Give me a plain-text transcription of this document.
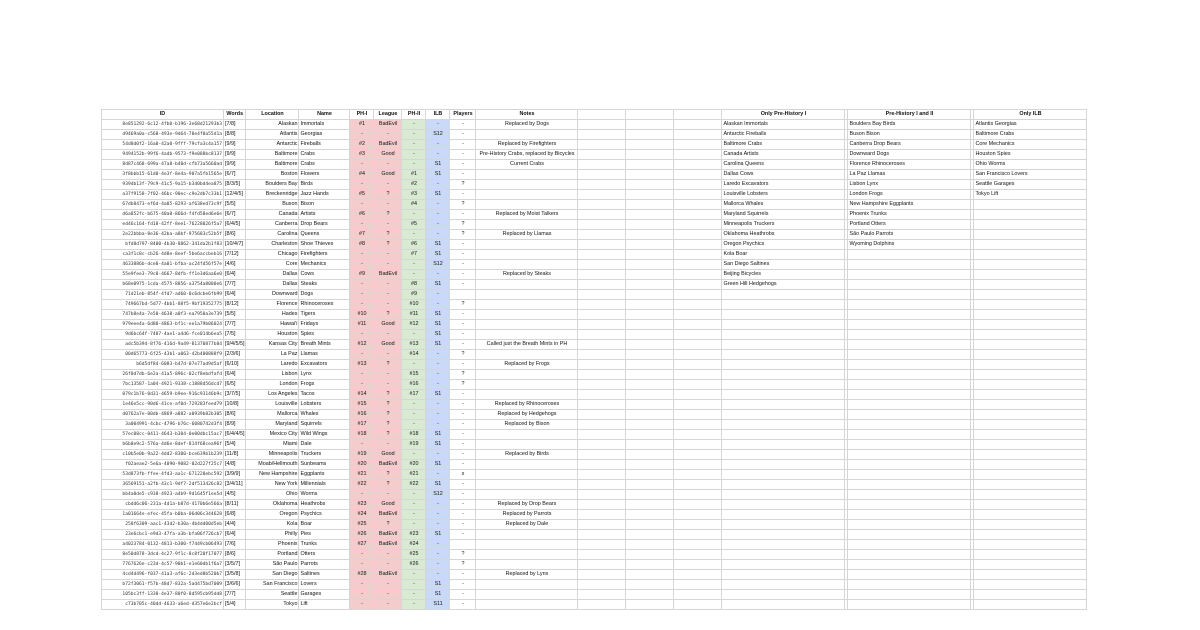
ID	Words	Location	Name	PH-I	League	PH-II	ILB	Players	Notes				Only Pre-History I		Pre-History I and II		Only ILB
8e851292-6c12-4fb0-b196-3e68d21293b3	[7/8]	Alaskan	Immortals	#1	BadEvil	-	-	-	Replaced by Dogs				Alaskan Immortals		Boulders Bay Birds		Atlantis Georgias
d9469a0a-c568-493e-9d64-78e4f0a55d1a	[8/8]	Atlantis	Georgias	-	-	-	S12	-					Antarctic Fireballs		Buson Bison		Baltimore Crabs
54d8d0f2-16a0-42a0-9fff-79cfa3c4a157	[9/9]	Antarctic	Fireballs	#2	BadEvil	-	-	-	Replaced by Firefighters				Baltimore Crabs		Canberra Drop Bears		Core Mechanics
9494152b-99f6-4adb-9573-f9e088bc8137	[9/9]	Baltimore	Crabs	#3	Good	-	-	-	Pre-History Crabs, replaced by Bicycles				Canada Artists		Downward Dogs		Houston Spies
8d87c468-699a-47a8-b40d-cfb73a5660ad	[9/9]	Baltimore	Crabs	-	-	-	S1	-	Current Crabs				Carolina Queens		Florence Rhinoceroses		Ohio Worms
3f8bbb15-61d0-4e3f-8e4a-907a5fb1565e	[6/7]	Boston	Flowers	#4	Good	#1	S1	-					Dallas Cows		La Paz Llamas		San Francisco Lovers
939db13f-79c9-41c5-9a15-b340bd4ea875	[8/3/5]	Boulders Bay	Birds	-	-	#2	-	?					Laredo Excavators		Lisbon Lynx		Seattle Garages
a37f9158-7f02-46bc-90ec-c9e2db7c33b1	[12/4/5]	Breckenridge	Jazz Hands	#5	?	#3	S1	-					Louisville Lobsters		London Frogs		Tokyo Lift
67db8473-ef6d-4a05-8293-af638ed73c9f	[5/5]	Buson	Bison	-	-	#4	-	?					Mallorca Whales		New Hampshire Eggplants		
d6a852fc-b675-40a0-866d-f4fd58ed6e6e	[6/7]	Canada	Artists	#6	?	-	-	-	Replaced by Moist Talkers				Maryland Squirrels		Phoenix Trunks		
ed46c164-fd18-42ff-8ee1-76228026f5a7	[6/4/5]	Canberra	Drop Bears	-	-	#5	-	?					Minneapolis Truckers		Portland Otters		
2e22bbba-8e36-42ba-a8bf-975683c52b5f	[8/6]	Carolina	Queens	#7	?	-	-	?	Replaced by Llamas				Oklahoma Heathrobs		São Paulo Parrots		
bfd8d797-8400-4b30-8862-341da2b1f83	[10/4/7]	Charleston	Shoe Thieves	#8	?	#6	S1	-					Oregon Psychics		Wyoming Dolphins		
ca3f1c8c-cb26-4d8e-8eef-5be6accbeb16	[7/12]	Chicago	Firefighters	-	-	#7	S1	-					Kola Boar				
4633886b-dce0-4a01-bfba-ac24fd56f57e	[4/6]	Core	Mechanics	-	-	-	S12	-					San Diego Saltines				
55e9fee3-79c0-4667-8dfb-ff1e3d6aa6e0	[6/4]	Dallas	Cows	#9	BadEvil	-	-	-	Replaced by Steaks				Beijing Bicycles				
b68e0975-1cda-4575-8856-a3754a8000e6	[7/7]	Dallas	Steaks	-	-	#8	S1	-					Green Hill Hedgehogs				
71d21eb-854f-4fd7-ad60-0c6dcbe6fb99	[6/4]	Downward	Dogs	-	-	#9	-										
749667bd-5d77-4bb1-88f5-9bf19352775	[8/12]	Florence	Rhinoceroses	-	-	#10	-	?									
747b8e4a-7e50-4638-a0f3-ea7950a3e739	[5/5]	Hades	Tigers	#10	?	#11	S1	-									
979eee4a-6d80-4863-bf1c-ee1a79b06024	[7/7]	Hawai'i	Fridays	#11	Good	#12	S1	-									
9d6bc64f-7407-4ae1-a4d6-fce014b6ea5	[7/5]	Houston	Spies	-	-	-	S1	-									
adc5b394-8f76-416d-9a49-81370877b84	[9/4/5/5]	Kansas City	Breath Mints	#12	Good	#13	S1	-	Called just the Breath Mints in PH								
00d65773-6f25-43b1-a063-42b400888f9	[2/3/6]	La Paz	Llamas	-	-	#14	-	?									
b6d5df84-6083-b47d-07e77ad9d5af	[6/10]	Laredo	Excavators	#13	?	-	-	-	Replaced by Frogs								
26f0d7db-6e2a-41a5-896c-02cf8ebdfafd	[6/4]	Lisbon	Lynx	-	-	#15	-	?									
7bc13587-1a04-4921-9338-c1888d56dcd7	[6/5]	London	Frogs	-	-	#16	-	?									
079c1b76-0d31-4659-b9ee-916c93146b9c	[3/7/5]	Los Angeles	Tacos	#14	?	#17	S1	-									
1e46e5cc-90d6-41ce-af0d-729283feed79	[10/8]	Louisville	Lobsters	#15	?	-	-	-	Replaced by Rhinoceroses								
d0762a7e-00db-4869-a882-a0939b82b305	[8/6]	Mallorca	Whales	#16	?	-	-	-	Replaced by Hedgehogs								
3a004991-4cbc-4796-b76c-6080742d3f4	[8/9]	Maryland	Squirrels	#17	?	-	-	-	Replaced by Bison								
57ec08cc-0411-4643-b304-0e00dbc15ac7	[6/4/4/5]	Mexico City	Wild Wings	#18	?	#18	S1	-									
b6b8e9c2-576a-4d6e-8def-814f68cea96f	[5/4]	Miami	Dale	-	-	#19	S1	-									
c10b5e0b-9a22-4dd2-8300-bce639b1b239	[11/8]	Minneapolis	Truckers	#19	Good	-	-	-	Replaced by Birds								
f02aeae2-5e6a-4090-9082-02d227f25c7	[4/8]	Moab/Hellmouth	Sunbeams	#20	BadEvil	#20	S1	-									
53d873fb-ffee-4fd3-aa1c-671228ebc592	[3/9/9]	New Hampshire	Eggplants	#21	?	#21	-	x									
36569151-a2fb-43c1-9df7-2df513426c82	[3/4/11]	New York	Millennials	#22	?	#22	S1	-									
bb4a0de5-c938-4923-a4b9-9d1645f1ee5d	[4/5]	Ohio	Worms	-	-	-	S12	-									
cbdd6c06-231a-4d1a-b87d-4170b6e566a	[8/11]	Oklahoma	Heathrobs	#23	Good	-	-	-	Replaced by Drop Bears								
1a01664e-efec-45fa-b0ba-06d06c344628	[6/8]	Oregon	Psychics	#24	BadEvil	-	-	-	Replaced by Parrots								
258f6309-aac1-43d2-b30a-4b4dd00d5eb	[4/4]	Kola	Boar	#25	?	-	-	-	Replaced by Dale								
23e6cbc1-e9d3-47fa-a3b-bfa06f726cb7	[6/4]	Philly	Pies	#26	BadEvil	#23	S1	-									
a4023784-0132-4813-b300-f7449cb06493	[7/6]	Phoenix	Trunks	#27	BadEvil	#24	-										
8e50d878-3dcd-4c27-9f1c-8c8f20f17077	[8/6]	Portland	Otters	-	-	#25	-	?									
7767626e-c23d-4c57-90b1-e1e60db1f6a7	[3/5/7]	São Paulo	Parrots	-	-	#26	-	?									
4cd4d496-f037-41a3-af6c-2d3ed8b520b7	[3/5/8]	San Diego	Saltines	#28	BadEvil	-	-	-	Replaced by Lynx								
b72f3061-f57b-48d7-832a-5ad475bd7009	[3/6/6]	San Francisco	Lovers	-	-	-	S1	-									
105bc3ff-1338-4e37-80f0-8d595cb95dd8	[7/7]	Seattle	Garages	-	-	-	S1	-									
c73b705c-40dd-4633-a6ed-d357e6e2bcf	[5/4]	Tokyo	Lift	-	-	-	S11	-									
